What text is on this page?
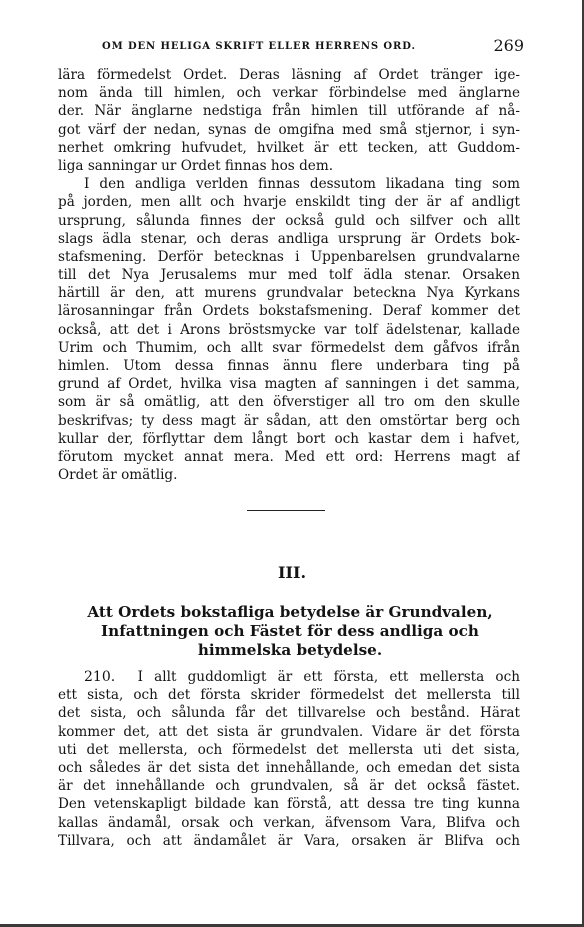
OM DEN HELIGA SKRIFT ELLER HERRENS ORD.	269
lära förmedelst Ordet. Deras läsning af Ordet tränger ige-
nom ända till himlen, och verkar förbindelse med änglarne
der. När änglarne nedstiga från himlen till utförande af nå-
got värf der nedan, synas de omgifna med små stjernor, i syn-
nerhet omkring hufvudet, hvilket är ett tecken, att Guddom-
liga sanningar ur Ordet finnas hos dem.
I den andliga verlden finnas dessutom likadana ting som
på jorden, men allt och hvarje enskildt ting der är af andligt
ursprung, sålunda finnes der också guld och silfver och allt
slags ädla stenar, och deras andliga ursprung är Ordets bok-
stafsmening. Derför betecknas i Uppenbarelsen grundvalarne
till det Nya Jerusalems mur med tolf ädla stenar. Orsaken
härtill är den, att murens grundvalar beteckna Nya Kyrkans
lärosanningar från Ordets bokstafsmening. Deraf kommer det
också, att det i Arons bröstsmycke var tolf ädelstenar, kallade
Urim och Thumim, och allt svar förmedelst dem gåfvos ifrån
himlen. Utom dessa finnas ännu flere underbara ting på
grund af Ordet, hvilka visa magten af sanningen i det samma,
som är så omätlig, att den öfverstiger all tro om den skulle
beskrifvas; ty dess magt är sådan, att den omstörtar berg och
kullar der, förflyttar dem långt bort och kastar dem i hafvet,
förutom mycket annat mera. Med ett ord: Herrens magt af
Ordet är omätlig.
III.
Att Ordets bokstafliga betydelse är Grundvalen,
Infattningen och Fästet för dess andliga och
himmelska betydelse.
210. I allt guddomligt är ett första, ett mellersta och
ett sista, och det första skrider förmedelst det mellersta till
det sista, och sålunda får det tillvarelse och bestånd. Härat
kommer det, att det sista är grundvalen. Vidare är det första
uti det mellersta, och förmedelst det mellersta uti det sista,
och således är det sista det innehållande, och emedan det sista
är det innehållande och grundvalen, så är det också fästet.
Den vetenskapligt bildade kan förstå, att dessa tre ting kunna
kallas ändamål, orsak och verkan, äfvensom Vara, Blifva och
Tillvara, och att ändamålet är Vara, orsaken är Blifva och
